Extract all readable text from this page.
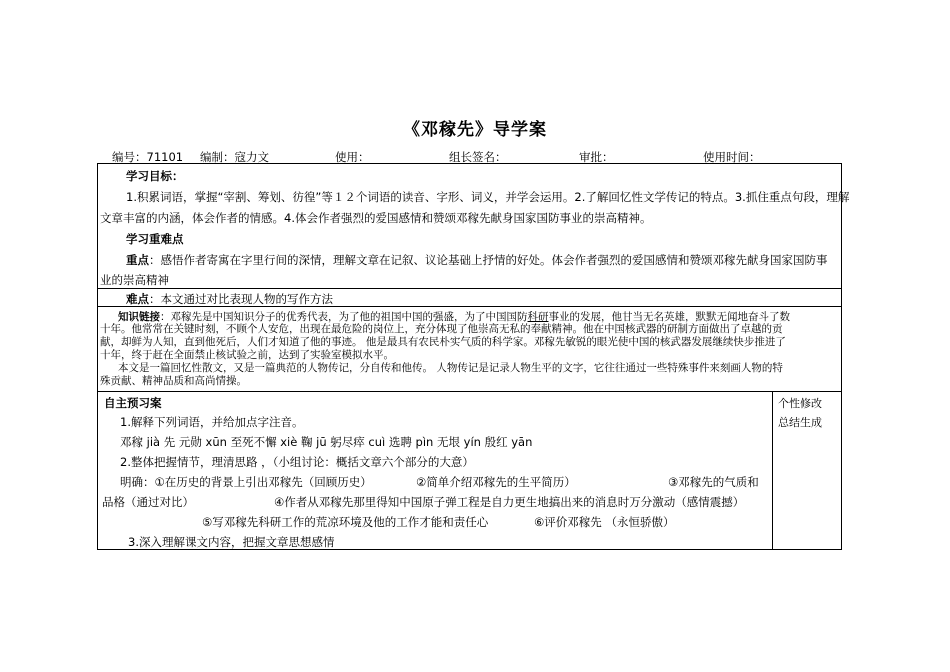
《邓稼先》导学案
编号：71101 编制：寇力文	使用：	组长签名：	审批：	使用时间：
学习目标：
1.积累词语，掌握“宰割、筹划、彷徨”等１２个词语的读音、字形、词义，并学会运用。2.了解回忆性文学传记的特点。3.抓住重点句段，理解
文章丰富的内涵，体会作者的情感。4.体会作者强烈的爱国感情和赞颂邓稼先献身国家国防事业的崇高精神。
学习重难点
重点：感悟作者寄寓在字里行间的深情，理解文章在记叙、议论基础上抒情的好处。体会作者强烈的爱国感情和赞颂邓稼先献身国家国防事
业的崇高精神
难点：本文通过对比表现人物的写作方法
知识链接：邓稼先是中国知识分子的优秀代表，为了他的祖国中国的强盛，为了中国国防科研事业的发展，他甘当无名英雄，默默无闻地奋斗了数
十年。他常常在关键时刻，不顾个人安危，出现在最危险的岗位上，充分体现了他崇高无私的奉献精神。他在中国核武器的研制方面做出了卓越的贡
献，却鲜为人知，直到他死后，人们才知道了他的事迹。 他是最具有农民朴实气质的科学家。邓稼先敏锐的眼光使中国的核武器发展继续快步推进了
十年，终于赶在全面禁止核试验之前，达到了实验室模拟水平。
本文是一篇回忆性散文，又是一篇典范的人物传记，分自传和他传。 人物传记是记录人物生平的文字，它往往通过一些特殊事件来刻画人物的特
殊贡献、精神品质和高尚情操。
自主预习案
1.解释下列词语，并给加点字注音。
邓稼 jià 先 元勋 xūn 至死不懈 xiè 鞠 jū 躬尽瘁 cuì 选聘 pìn 无垠 yín 殷红 yān
2.整体把握情节，理清思路 ，（小组讨论：概括文章六个部分的大意）
明确：①在历史的背景上引出邓稼先（回顾历史）	②简单介绍邓稼先的生平简历）	③邓稼先的气质和
品格（通过对比）	④作者从邓稼先那里得知中国原子弹工程是自力更生地搞出来的消息时万分激动（感情震撼）
⑤写邓稼先科研工作的荒凉环境及他的工作才能和责任心	⑥评价邓稼先 （永恒骄傲）
3.深入理解课文内容，把握文章思想感情
个性修改
总结生成
